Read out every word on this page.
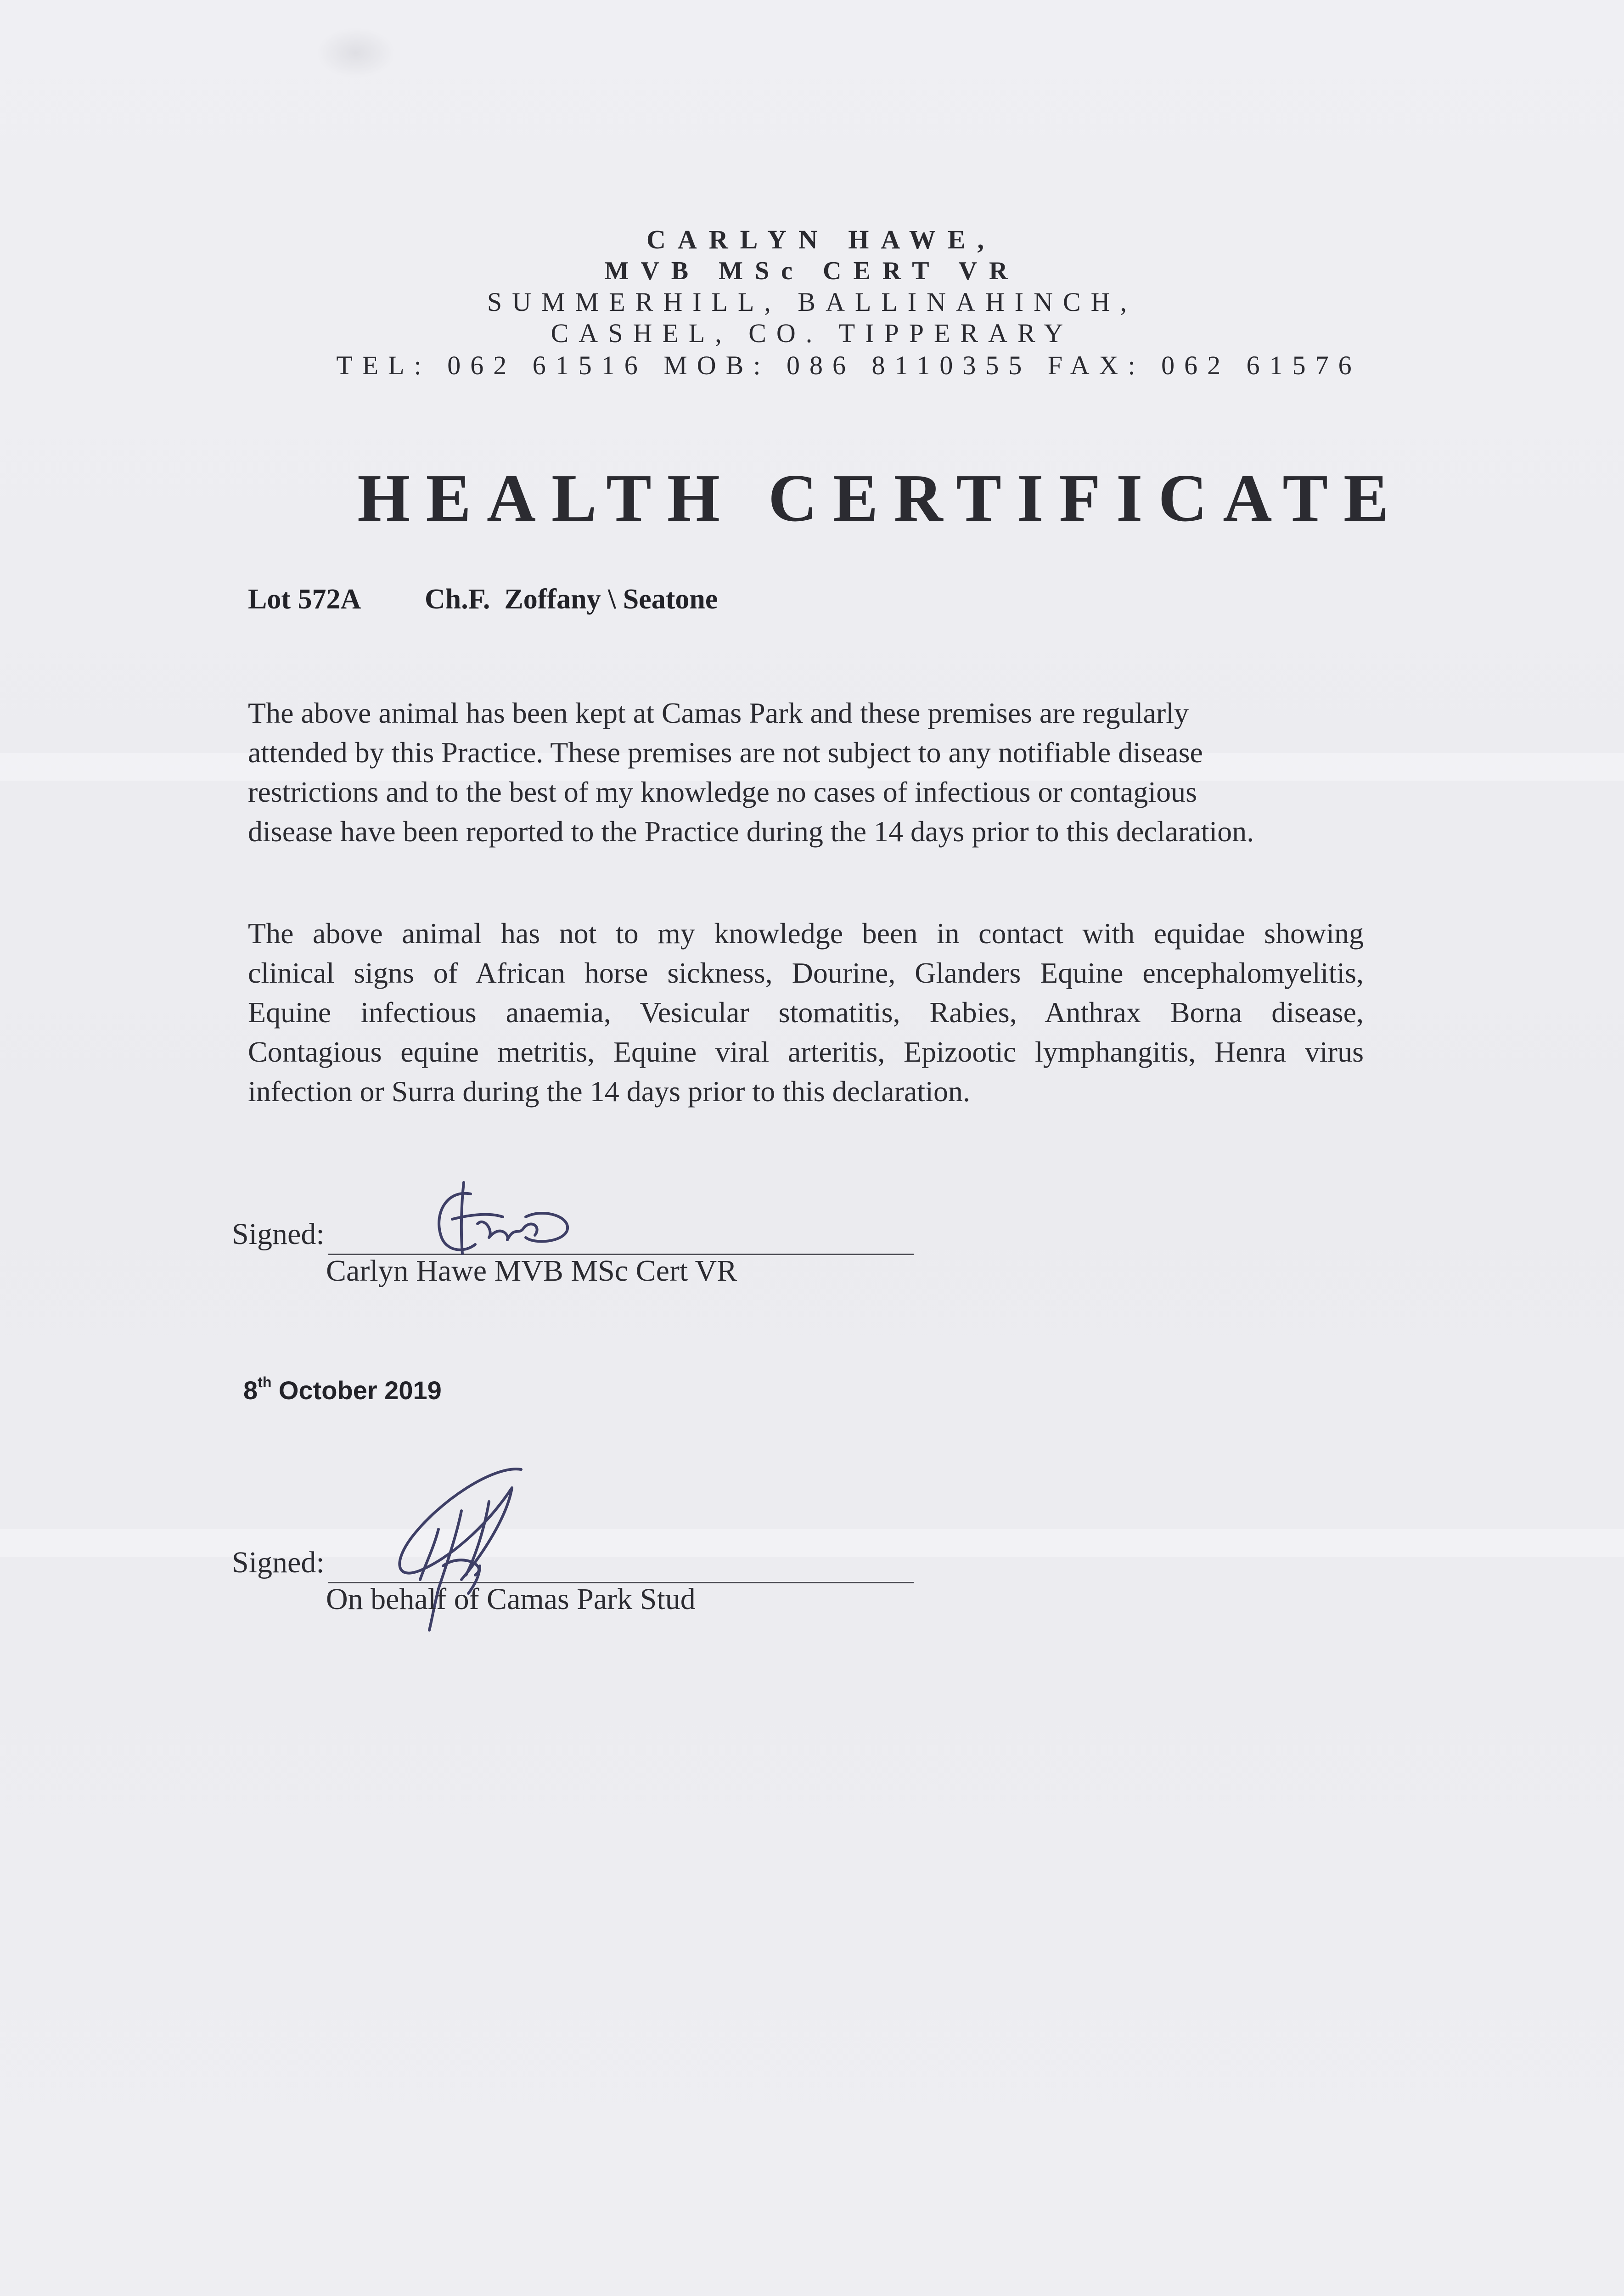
CARLYN HAWE,
MVB MSc CERT VR
SUMMERHILL, BALLINAHINCH,
CASHEL, CO. TIPPERARY
TEL: 062 61516 MOB: 086 8110355 FAX: 062 61576
HEALTH CERTIFICATE
Lot 572A Ch.F.  Zoffany \ Seatone
The above animal has been kept at Camas Park and these premises are regularly
attended by this Practice. These premises are not subject to any notifiable disease
restrictions and to the best of my knowledge no cases of infectious or contagious
disease have been reported to the Practice during the 14 days prior to this declaration.
The above animal has not to my knowledge been in contact with equidae showing
clinical signs of African horse sickness, Dourine, Glanders Equine encephalomyelitis,
Equine infectious anaemia, Vesicular stomatitis, Rabies, Anthrax Borna disease,
Contagious equine metritis, Equine viral arteritis, Epizootic lymphangitis, Henra virus
infection or Surra during the 14 days prior to this declaration.
Signed:
Carlyn Hawe MVB MSc Cert VR
8th October 2019
Signed:
On behalf of Camas Park Stud
